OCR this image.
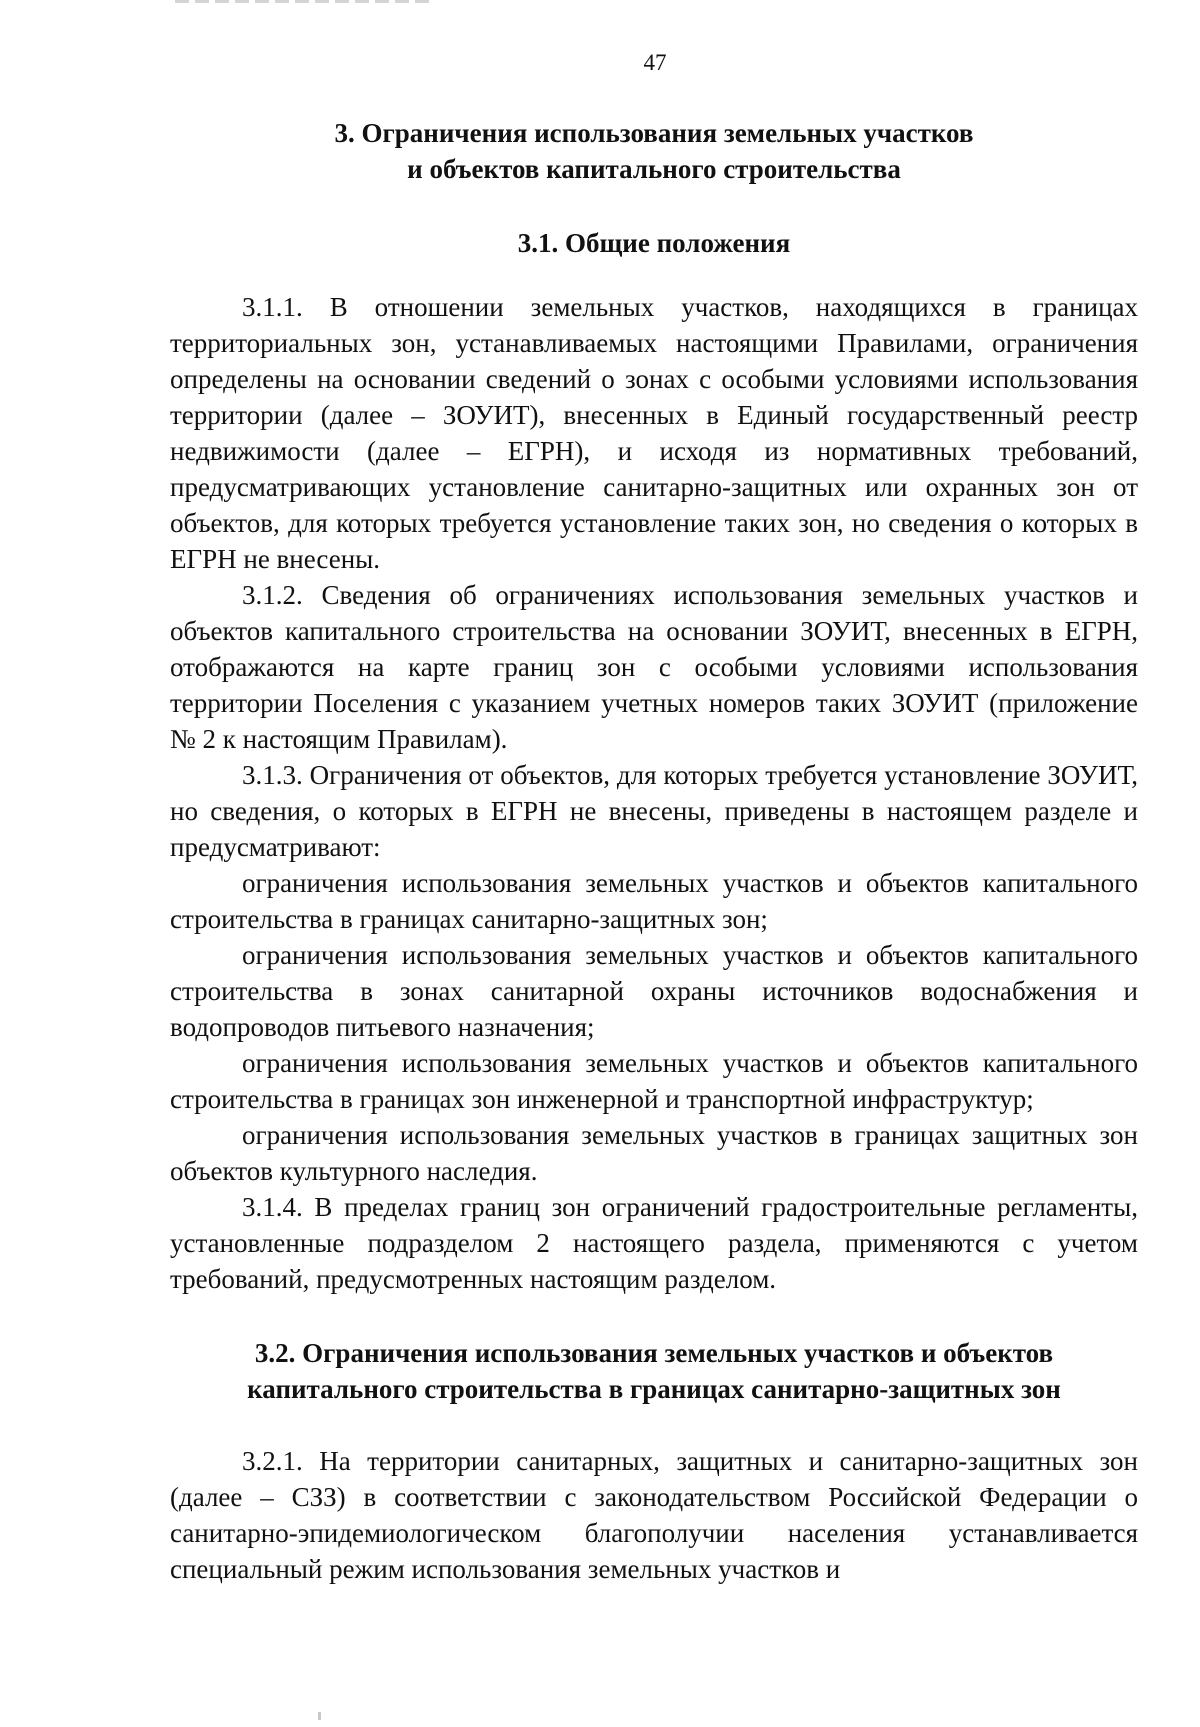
47
3. Ограничения использования земельных участков
и объектов капитального строительства
3.1. Общие положения

3.1.1. В отношении земельных участков, находящихся в границах территориальных зон, устанавливаемых настоящими Правилами, ограничения определены на основании сведений о зонах с особыми условиями использования территории (далее – ЗОУИТ), внесенных в Единый государственный реестр недвижимости (далее – ЕГРН), и исходя из нормативных требований, предусматривающих установление санитарно-защитных или охранных зон от объектов, для которых требуется установление таких зон, но сведения о которых в ЕГРН не внесены.

3.1.2. Сведения об ограничениях использования земельных участков и объектов капитального строительства на основании ЗОУИТ, внесенных в ЕГРН, отображаются на карте границ зон с особыми условиями использования территории Поселения с указанием учетных номеров таких ЗОУИТ (приложение № 2 к настоящим Правилам).

3.1.3. Ограничения от объектов, для которых требуется установление ЗОУИТ, но сведения, о которых в ЕГРН не внесены, приведены в настоящем разделе и предусматривают:

ограничения использования земельных участков и объектов капитального строительства в границах санитарно-защитных зон;

ограничения использования земельных участков и объектов капитального строительства в зонах санитарной охраны источников водоснабжения и водопроводов питьевого назначения;

ограничения использования земельных участков и объектов капитального строительства в границах зон инженерной и транспортной инфраструктур;

ограничения использования земельных участков в границах защитных зон объектов культурного наследия.

3.1.4. В пределах границ зон ограничений градостроительные регламенты, установленные подразделом 2 настоящего раздела, применяются с учетом требований, предусмотренных настоящим разделом.

3.2. Ограничения использования земельных участков и объектов
капитального строительства в границах санитарно-защитных зон

3.2.1. На территории санитарных, защитных и санитарно-защитных зон (далее – СЗЗ) в соответствии с законодательством Российской Федерации о санитарно-эпидемиологическом благополучии населения устанавливается специальный режим использования земельных участков и
